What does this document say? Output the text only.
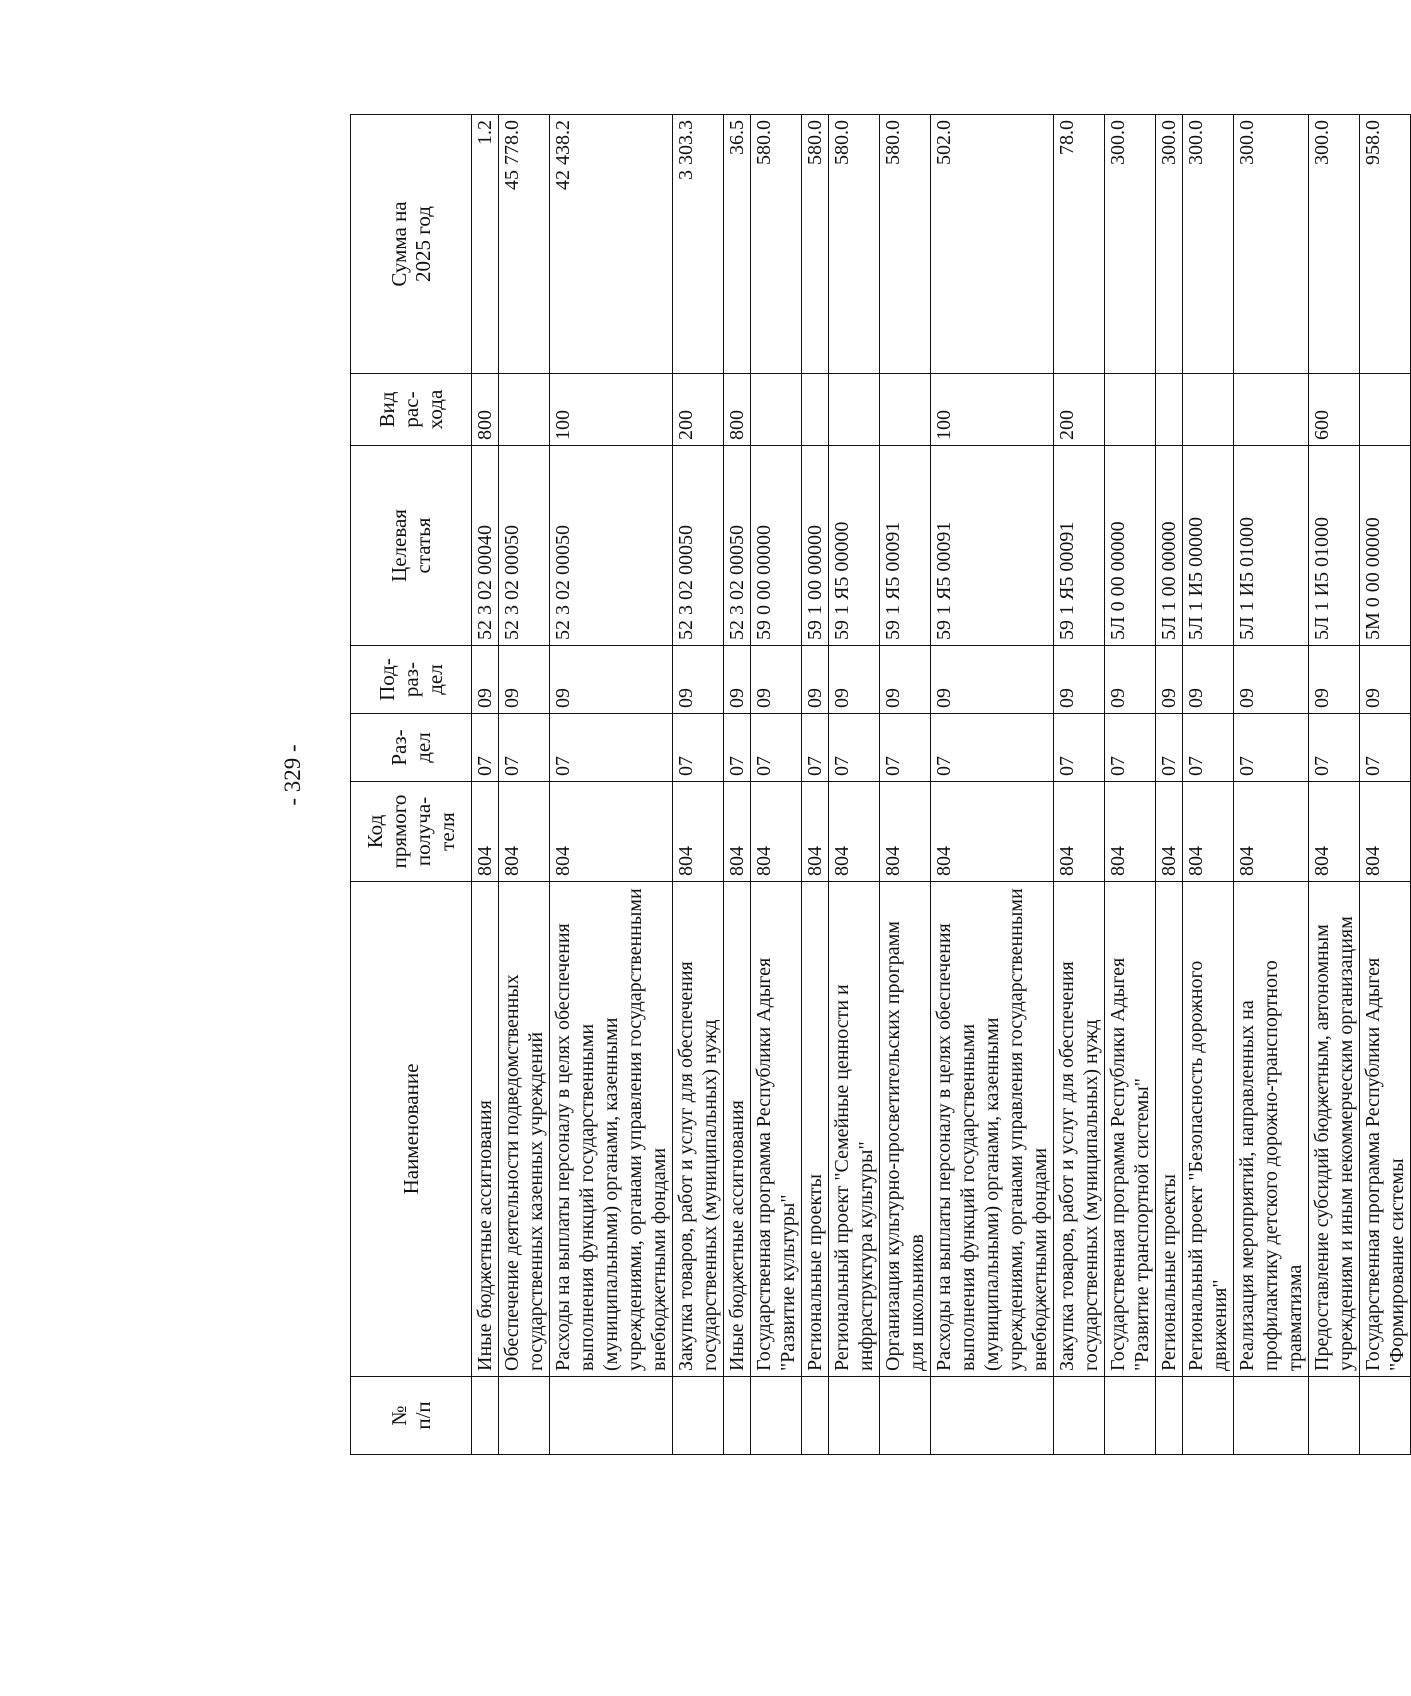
- 329 -
№ п/п	Наименование	Код прямого получа- теля	Раз- дел	Под- раз- дел	Целевая статья	Вид рас- хода	Сумма на 2025 год

	Иные бюджетные ассигнования	804	07	09	52 3 02 00040	800	1.2
	Обеспечение деятельности подведомственных государственных казенных учреждений	804	07	09	52 3 02 00050		45 778.0
	Расходы на выплаты персоналу в целях обеспечения выполнения функций государственными (муниципальными) органами, казенными учреждениями, органами управления государственными внебюджетными фондами	804	07	09	52 3 02 00050	100	42 438.2
	Закупка товаров, работ и услуг для обеспечения государственных (муниципальных) нужд	804	07	09	52 3 02 00050	200	3 303.3
	Иные бюджетные ассигнования	804	07	09	52 3 02 00050	800	36.5
	Государственная программа Республики Адыгея "Развитие культуры"	804	07	09	59 0 00 00000		580.0
	Региональные проекты	804	07	09	59 1 00 00000		580.0
	Региональный проект "Семейные ценности и инфраструктура культуры"	804	07	09	59 1 Я5 00000		580.0
	Организация культурно-просветительских программ для школьников	804	07	09	59 1 Я5 00091		580.0
	Расходы на выплаты персоналу в целях обеспечения выполнения функций государственными (муниципальными) органами, казенными учреждениями, органами управления государственными внебюджетными фондами	804	07	09	59 1 Я5 00091	100	502.0
	Закупка товаров, работ и услуг для обеспечения государственных (муниципальных) нужд	804	07	09	59 1 Я5 00091	200	78.0
	Государственная программа Республики Адыгея "Развитие транспортной системы"	804	07	09	5Л 0 00 00000		300.0
	Региональные проекты	804	07	09	5Л 1 00 00000		300.0
	Региональный проект "Безопасность дорожного движения"	804	07	09	5Л 1 И5 00000		300.0
	Реализация мероприятий, направленных на профилактику детского дорожно-транспортного травматизма	804	07	09	5Л 1 И5 01000		300.0
	Предоставление субсидий бюджетным, автономным учреждениям и иным некоммерческим организациям	804	07	09	5Л 1 И5 01000	600	300.0
	Государственная программа Республики Адыгея "Формирование системы	804	07	09	5М 0 00 00000		958.0
